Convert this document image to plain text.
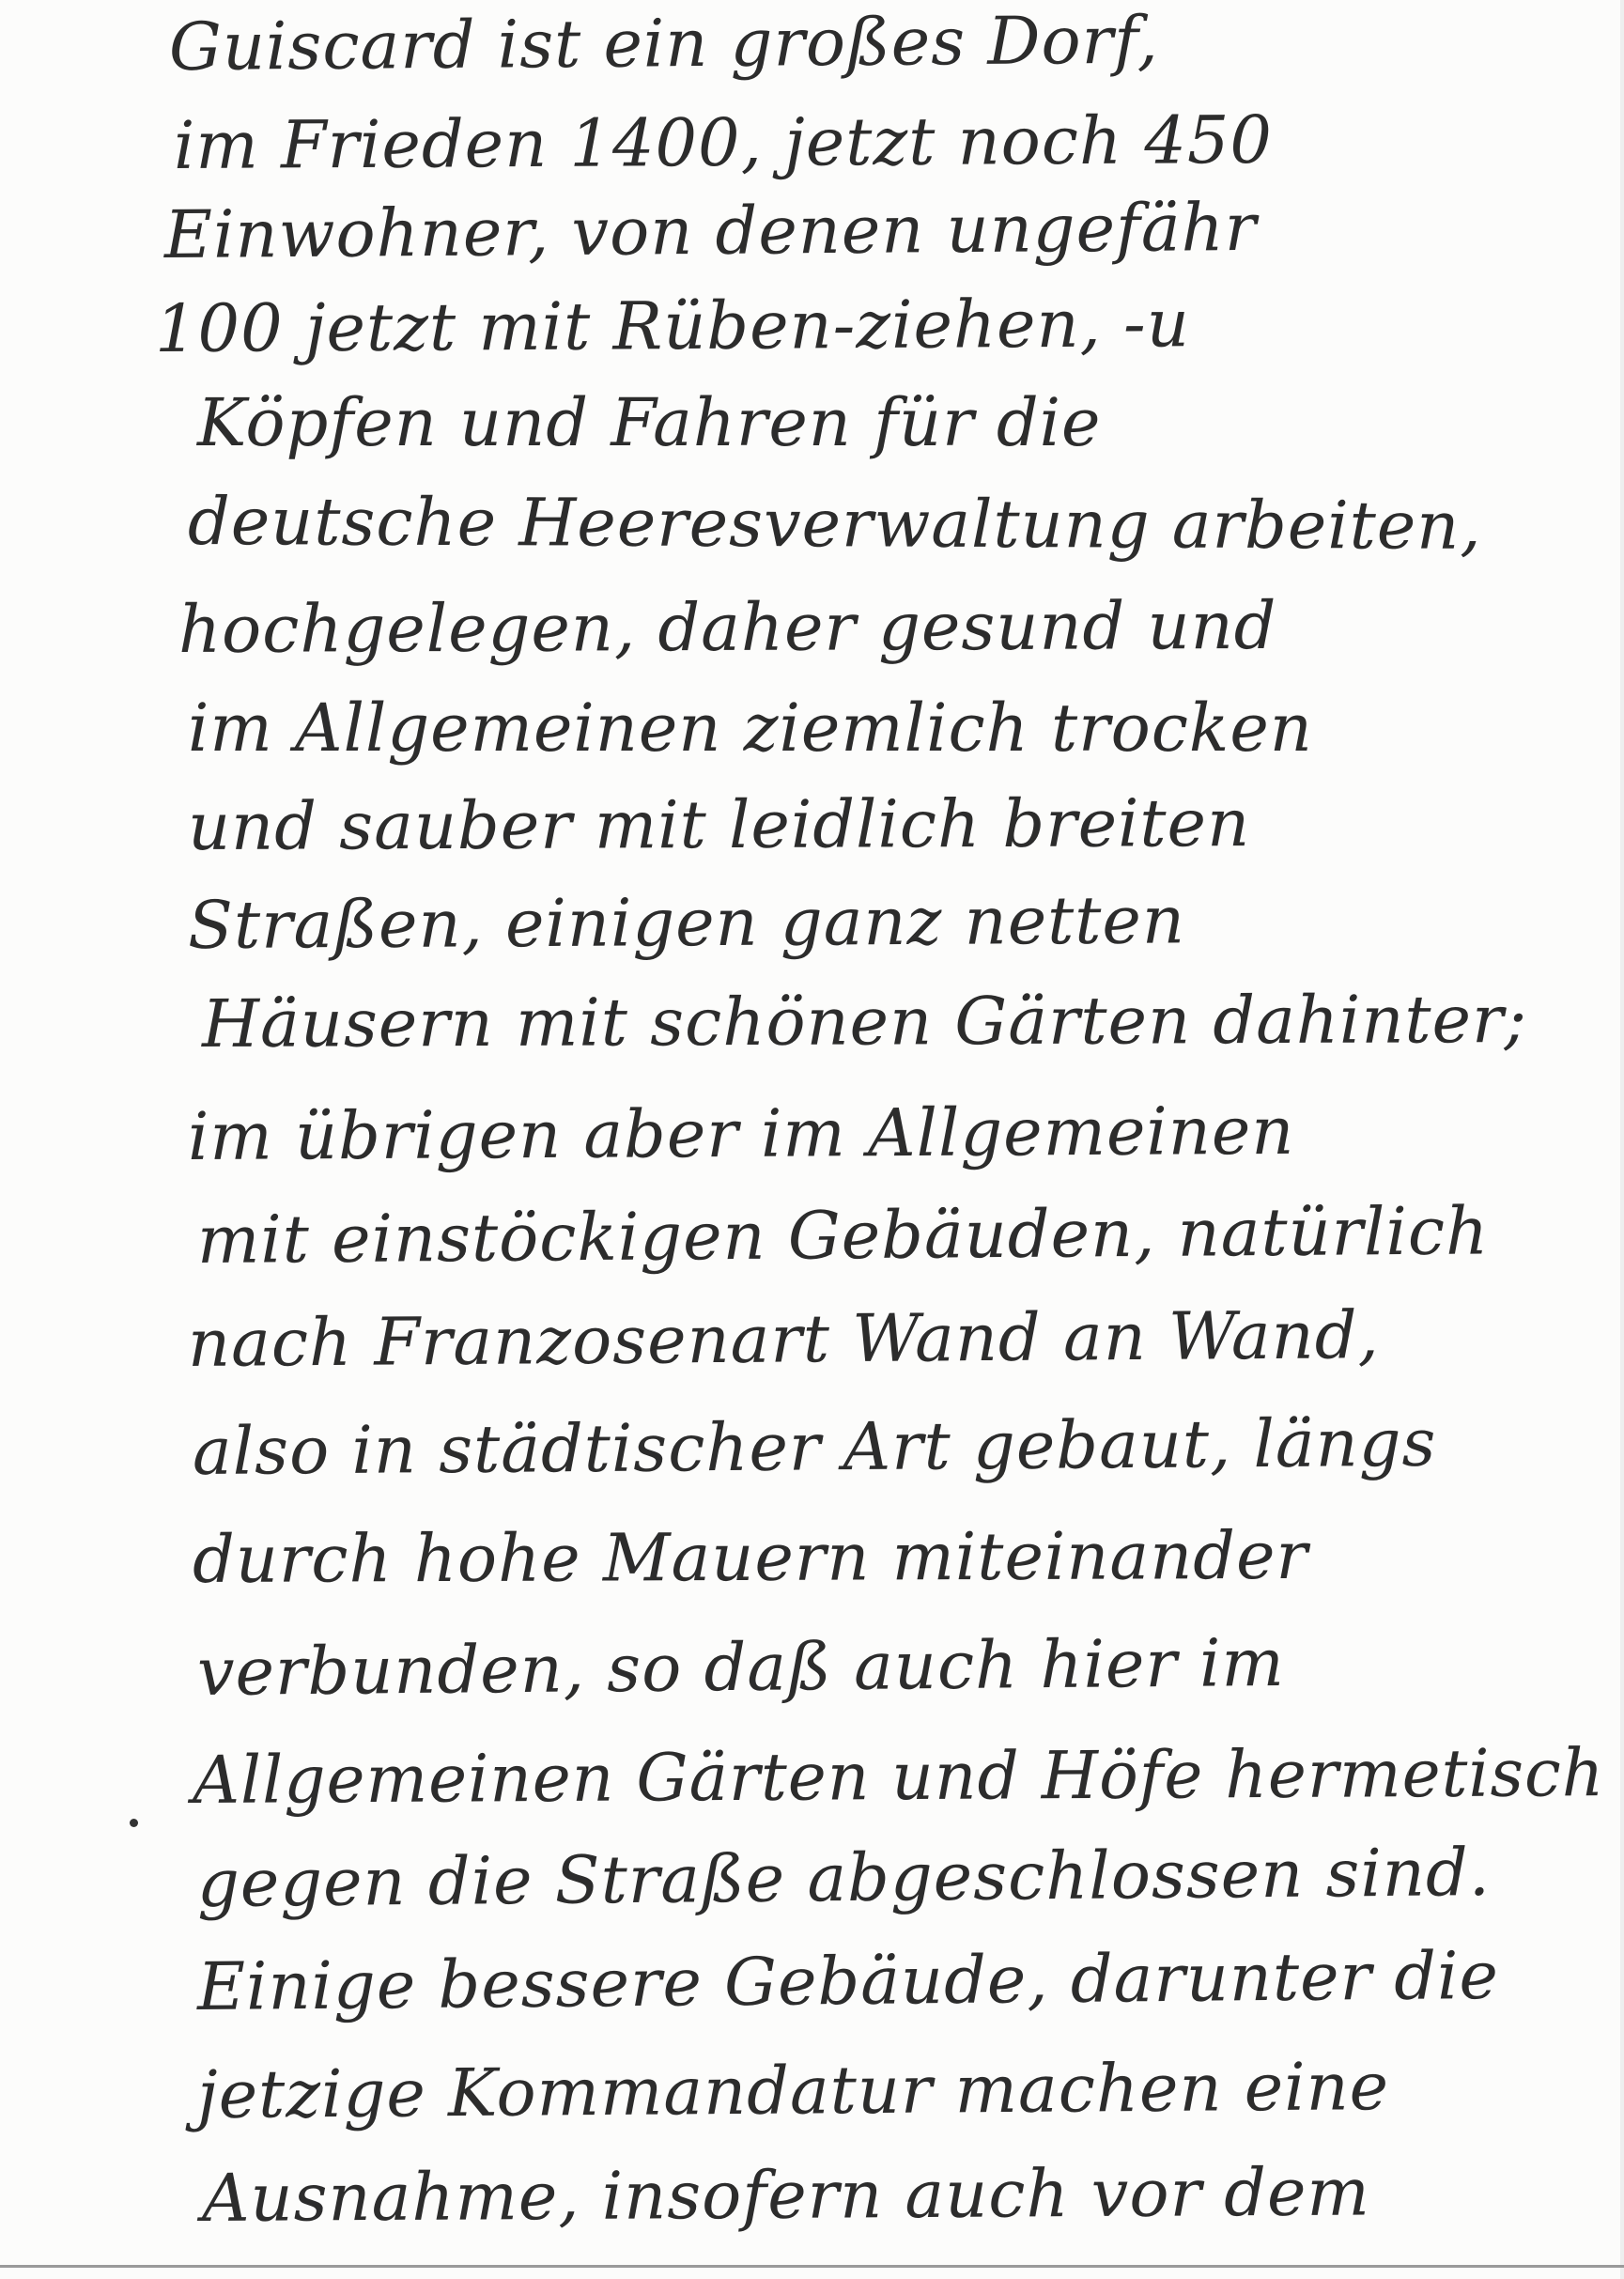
Guiscard ist ein großes Dorf,
im Frieden 1400, jetzt noch 450
Einwohner, von denen ungefähr
100 jetzt mit Rüben-ziehen, -u
Köpfen und Fahren für die
deutsche Heeresverwaltung arbeiten,
hochgelegen, daher gesund und
im Allgemeinen ziemlich trocken
und sauber mit leidlich breiten
Straßen, einigen ganz netten
Häusern mit schönen Gärten dahinter;
im übrigen aber im Allgemeinen
mit einstöckigen Gebäuden, natürlich
nach Franzosenart Wand an Wand,
also in städtischer Art gebaut, längs
durch hohe Mauern miteinander
verbunden, so daß auch hier im
Allgemeinen Gärten und Höfe hermetisch
gegen die Straße abgeschlossen sind.
Einige bessere Gebäude, darunter die
jetzige Kommandatur machen eine
Ausnahme, insofern auch vor dem
